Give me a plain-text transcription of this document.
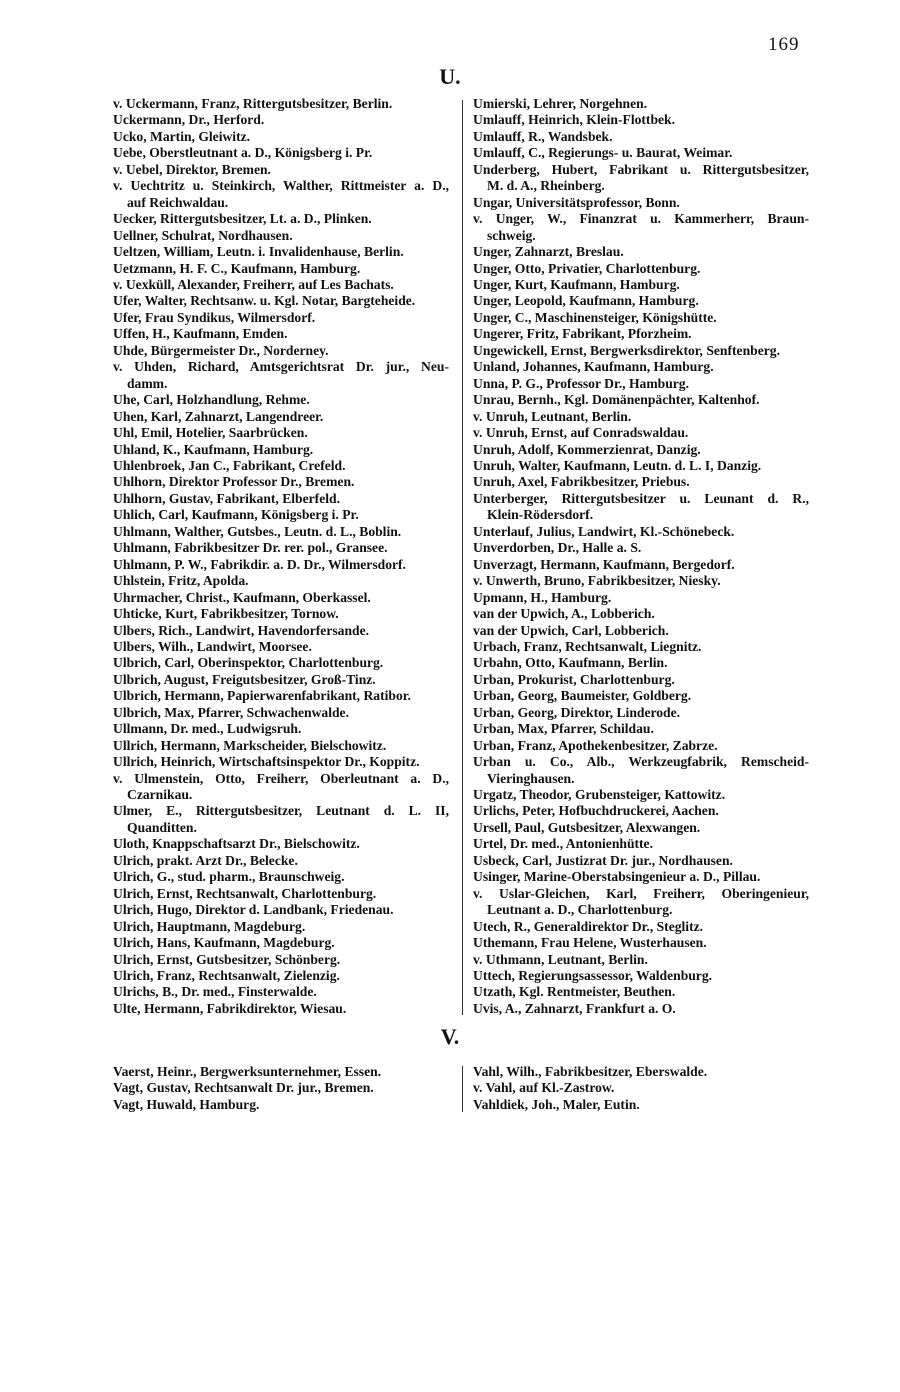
169
U.
v. Uckermann, Franz, Rittergutsbesitzer, Berlin.
Uckermann, Dr., Herford.
Ucko, Martin, Gleiwitz.
Uebe, Oberstleutnant a. D., Königsberg i. Pr.
v. Uebel, Direktor, Bremen.
v. Uechtritz u. Steinkirch, Walther, Rittmeister a. D.,
auf Reichwaldau.
Uecker, Rittergutsbesitzer, Lt. a. D., Plinken.
Uellner, Schulrat, Nordhausen.
Ueltzen, William, Leutn. i. Invalidenhause, Berlin.
Uetzmann, H. F. C., Kaufmann, Hamburg.
v. Uexküll, Alexander, Freiherr, auf Les Bachats.
Ufer, Walter, Rechtsanw. u. Kgl. Notar, Bargteheide.
Ufer, Frau Syndikus, Wilmersdorf.
Uffen, H., Kaufmann, Emden.
Uhde, Bürgermeister Dr., Norderney.
v. Uhden, Richard, Amtsgerichtsrat Dr. jur., Neu-
damm.
Uhe, Carl, Holzhandlung, Rehme.
Uhen, Karl, Zahnarzt, Langendreer.
Uhl, Emil, Hotelier, Saarbrücken.
Uhland, K., Kaufmann, Hamburg.
Uhlenbroek, Jan C., Fabrikant, Crefeld.
Uhlhorn, Direktor Professor Dr., Bremen.
Uhlhorn, Gustav, Fabrikant, Elberfeld.
Uhlich, Carl, Kaufmann, Königsberg i. Pr.
Uhlmann, Walther, Gutsbes., Leutn. d. L., Boblin.
Uhlmann, Fabrikbesitzer Dr. rer. pol., Gransee.
Uhlmann, P. W., Fabrikdir. a. D. Dr., Wilmersdorf.
Uhlstein, Fritz, Apolda.
Uhrmacher, Christ., Kaufmann, Oberkassel.
Uhticke, Kurt, Fabrikbesitzer, Tornow.
Ulbers, Rich., Landwirt, Havendorfersande.
Ulbers, Wilh., Landwirt, Moorsee.
Ulbrich, Carl, Oberinspektor, Charlottenburg.
Ulbrich, August, Freigutsbesitzer, Groß-Tinz.
Ulbrich, Hermann, Papierwarenfabrikant, Ratibor.
Ulbrich, Max, Pfarrer, Schwachenwalde.
Ullmann, Dr. med., Ludwigsruh.
Ullrich, Hermann, Markscheider, Bielschowitz.
Ullrich, Heinrich, Wirtschaftsinspektor Dr., Koppitz.
v. Ulmenstein, Otto, Freiherr, Oberleutnant a. D.,
Czarnikau.
Ulmer, E., Rittergutsbesitzer, Leutnant d. L. II,
Quanditten.
Uloth, Knappschaftsarzt Dr., Bielschowitz.
Ulrich, prakt. Arzt Dr., Belecke.
Ulrich, G., stud. pharm., Braunschweig.
Ulrich, Ernst, Rechtsanwalt, Charlottenburg.
Ulrich, Hugo, Direktor d. Landbank, Friedenau.
Ulrich, Hauptmann, Magdeburg.
Ulrich, Hans, Kaufmann, Magdeburg.
Ulrich, Ernst, Gutsbesitzer, Schönberg.
Ulrich, Franz, Rechtsanwalt, Zielenzig.
Ulrichs, B., Dr. med., Finsterwalde.
Ulte, Hermann, Fabrikdirektor, Wiesau.
Umierski, Lehrer, Norgehnen.
Umlauff, Heinrich, Klein-Flottbek.
Umlauff, R., Wandsbek.
Umlauff, C., Regierungs- u. Baurat, Weimar.
Underberg, Hubert, Fabrikant u. Rittergutsbesitzer,
M. d. A., Rheinberg.
Ungar, Universitätsprofessor, Bonn.
v. Unger, W., Finanzrat u. Kammerherr, Braun-
schweig.
Unger, Zahnarzt, Breslau.
Unger, Otto, Privatier, Charlottenburg.
Unger, Kurt, Kaufmann, Hamburg.
Unger, Leopold, Kaufmann, Hamburg.
Unger, C., Maschinensteiger, Königshütte.
Ungerer, Fritz, Fabrikant, Pforzheim.
Ungewickell, Ernst, Bergwerksdirektor, Senftenberg.
Unland, Johannes, Kaufmann, Hamburg.
Unna, P. G., Professor Dr., Hamburg.
Unrau, Bernh., Kgl. Domänenpächter, Kaltenhof.
v. Unruh, Leutnant, Berlin.
v. Unruh, Ernst, auf Conradswaldau.
Unruh, Adolf, Kommerzienrat, Danzig.
Unruh, Walter, Kaufmann, Leutn. d. L. I, Danzig.
Unruh, Axel, Fabrikbesitzer, Priebus.
Unterberger, Rittergutsbesitzer u. Leunant d. R.,
Klein-Rödersdorf.
Unterlauf, Julius, Landwirt, Kl.-Schönebeck.
Unverdorben, Dr., Halle a. S.
Unverzagt, Hermann, Kaufmann, Bergedorf.
v. Unwerth, Bruno, Fabrikbesitzer, Niesky.
Upmann, H., Hamburg.
van der Upwich, A., Lobberich.
van der Upwich, Carl, Lobberich.
Urbach, Franz, Rechtsanwalt, Liegnitz.
Urbahn, Otto, Kaufmann, Berlin.
Urban, Prokurist, Charlottenburg.
Urban, Georg, Baumeister, Goldberg.
Urban, Georg, Direktor, Linderode.
Urban, Max, Pfarrer, Schildau.
Urban, Franz, Apothekenbesitzer, Zabrze.
Urban u. Co., Alb., Werkzeugfabrik, Remscheid-
Vieringhausen.
Urgatz, Theodor, Grubensteiger, Kattowitz.
Urlichs, Peter, Hofbuchdruckerei, Aachen.
Ursell, Paul, Gutsbesitzer, Alexwangen.
Urtel, Dr. med., Antonienhütte.
Usbeck, Carl, Justizrat Dr. jur., Nordhausen.
Usinger, Marine-Oberstabsingenieur a. D., Pillau.
v. Uslar-Gleichen, Karl, Freiherr, Oberingenieur,
Leutnant a. D., Charlottenburg.
Utech, R., Generaldirektor Dr., Steglitz.
Uthemann, Frau Helene, Wusterhausen.
v. Uthmann, Leutnant, Berlin.
Uttech, Regierungsassessor, Waldenburg.
Utzath, Kgl. Rentmeister, Beuthen.
Uvis, A., Zahnarzt, Frankfurt a. O.
V.
Vaerst, Heinr., Bergwerksunternehmer, Essen.
Vagt, Gustav, Rechtsanwalt Dr. jur., Bremen.
Vagt, Huwald, Hamburg.
Vahl, Wilh., Fabrikbesitzer, Eberswalde.
v. Vahl, auf Kl.-Zastrow.
Vahldiek, Joh., Maler, Eutin.
